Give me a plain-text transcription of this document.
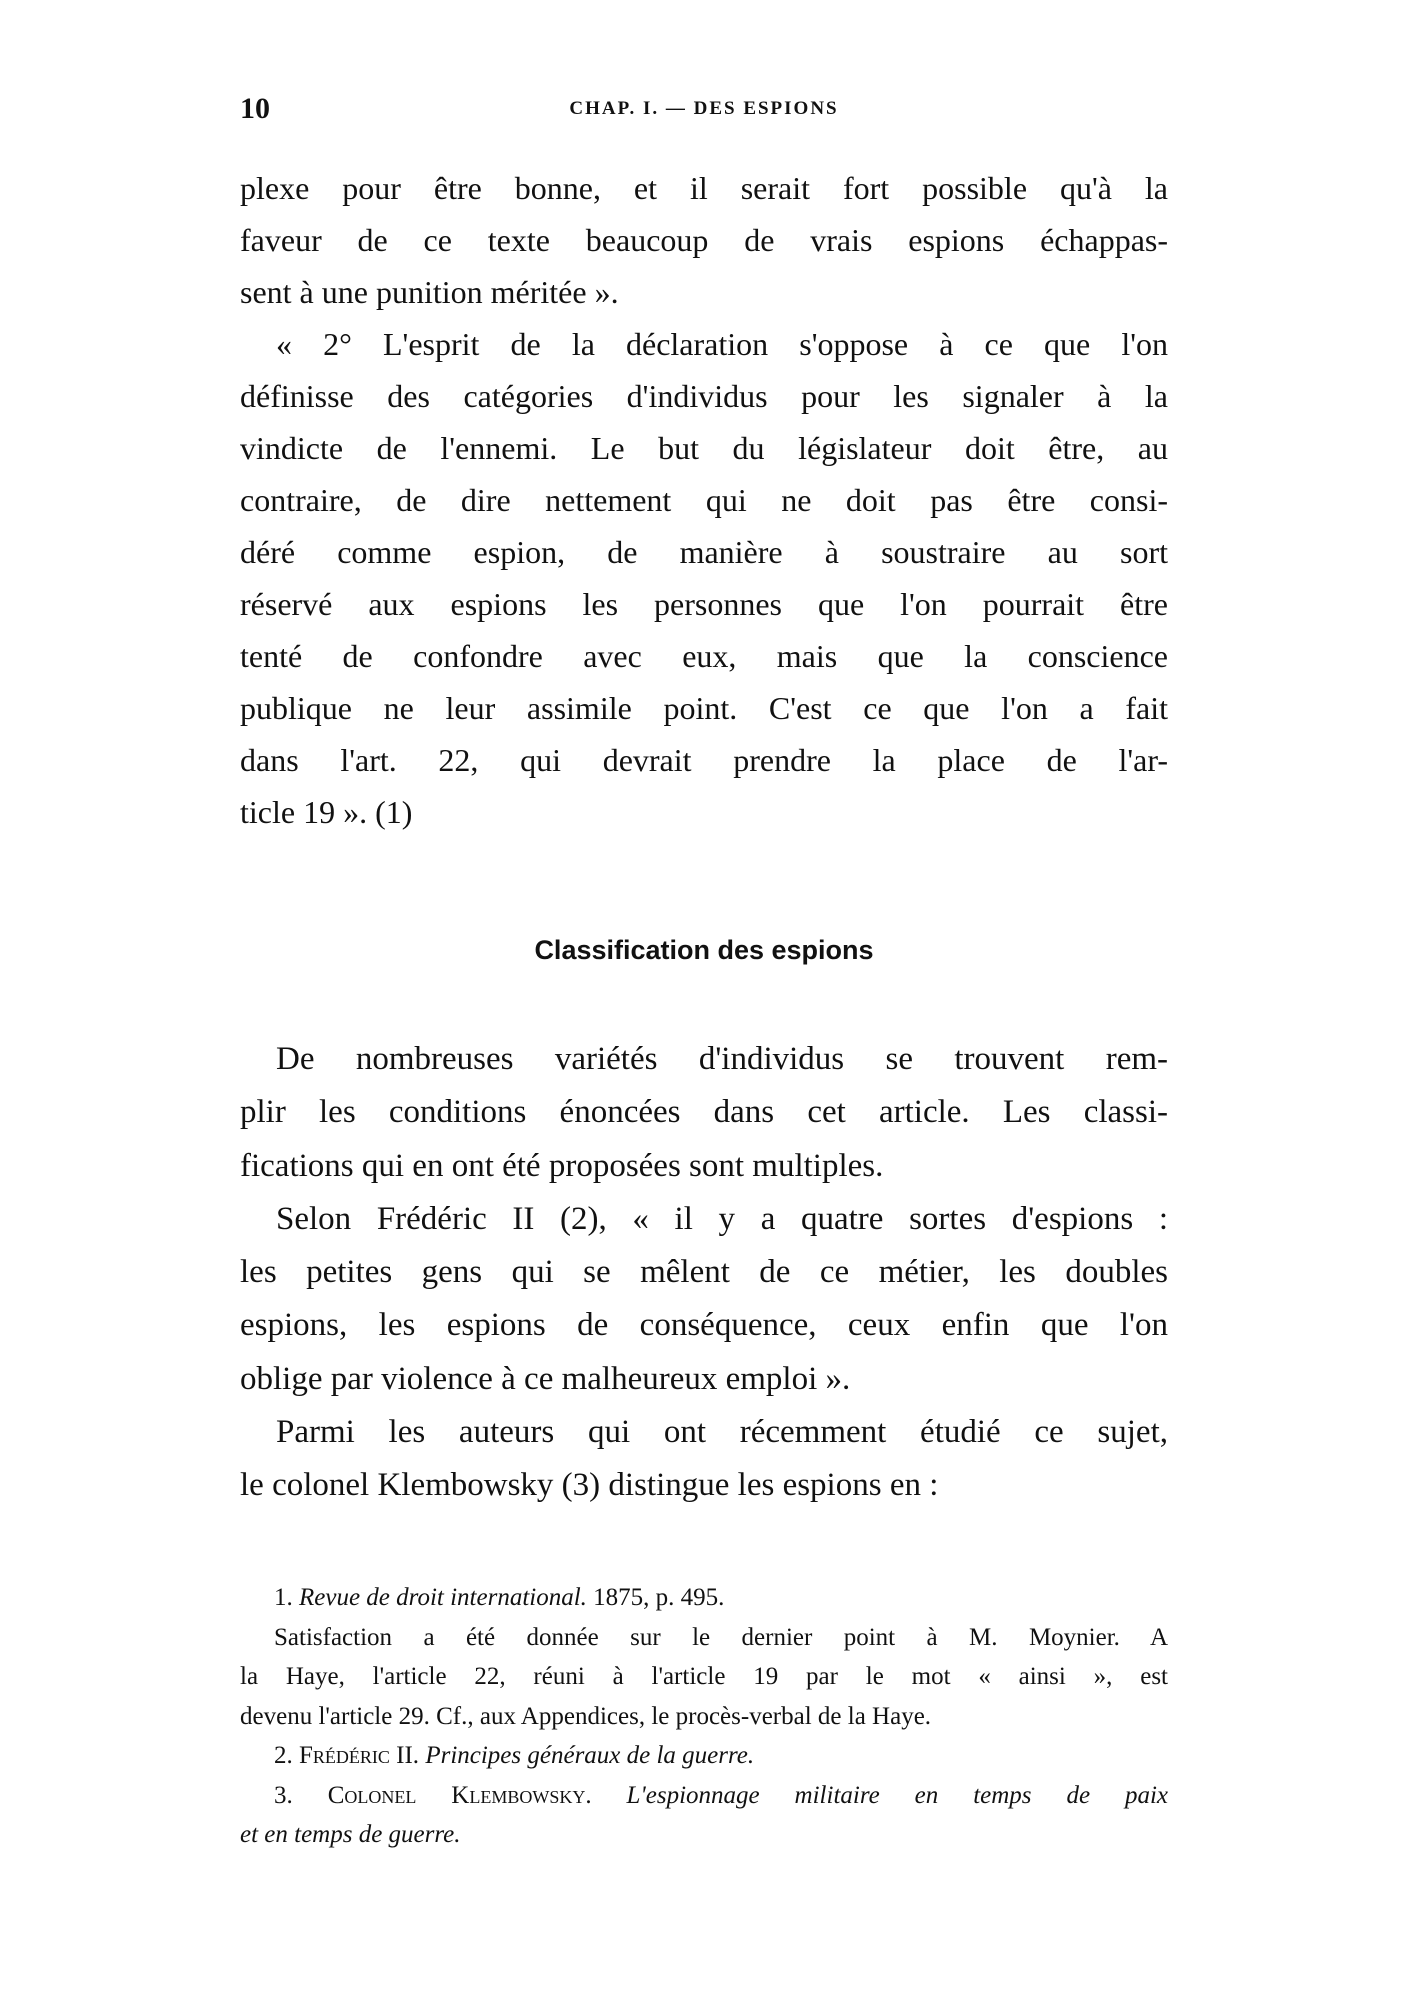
10	CHAP. I. — DES ESPIONS
plexe pour être bonne, et il serait fort possible qu'à la
faveur de ce texte beaucoup de vrais espions échappas-
sent à une punition méritée ».
« 2° L'esprit de la déclaration s'oppose à ce que l'on
définisse des catégories d'individus pour les signaler à la
vindicte de l'ennemi. Le but du législateur doit être, au
contraire, de dire nettement qui ne doit pas être consi-
déré comme espion, de manière à soustraire au sort
réservé aux espions les personnes que l'on pourrait être
tenté de confondre avec eux, mais que la conscience
publique ne leur assimile point. C'est ce que l'on a fait
dans l'art. 22, qui devrait prendre la place de l'ar-
ticle 19 ». (1)
Classification des espions
De nombreuses variétés d'individus se trouvent rem-
plir les conditions énoncées dans cet article. Les classi-
fications qui en ont été proposées sont multiples.
Selon Frédéric II (2), « il y a quatre sortes d'espions :
les petites gens qui se mêlent de ce métier, les doubles
espions, les espions de conséquence, ceux enfin que l'on
oblige par violence à ce malheureux emploi ».
Parmi les auteurs qui ont récemment étudié ce sujet,
le colonel Klembowsky (3) distingue les espions en :
1. Revue de droit international. 1875, p. 495.
Satisfaction a été donnée sur le dernier point à M. Moynier. A
la Haye, l'article 22, réuni à l'article 19 par le mot « ainsi », est
devenu l'article 29. Cf., aux Appendices, le procès-verbal de la Haye.
2. Frédéric II. Principes généraux de la guerre.
3. Colonel Klembowsky. L'espionnage militaire en temps de paix
et en temps de guerre.
